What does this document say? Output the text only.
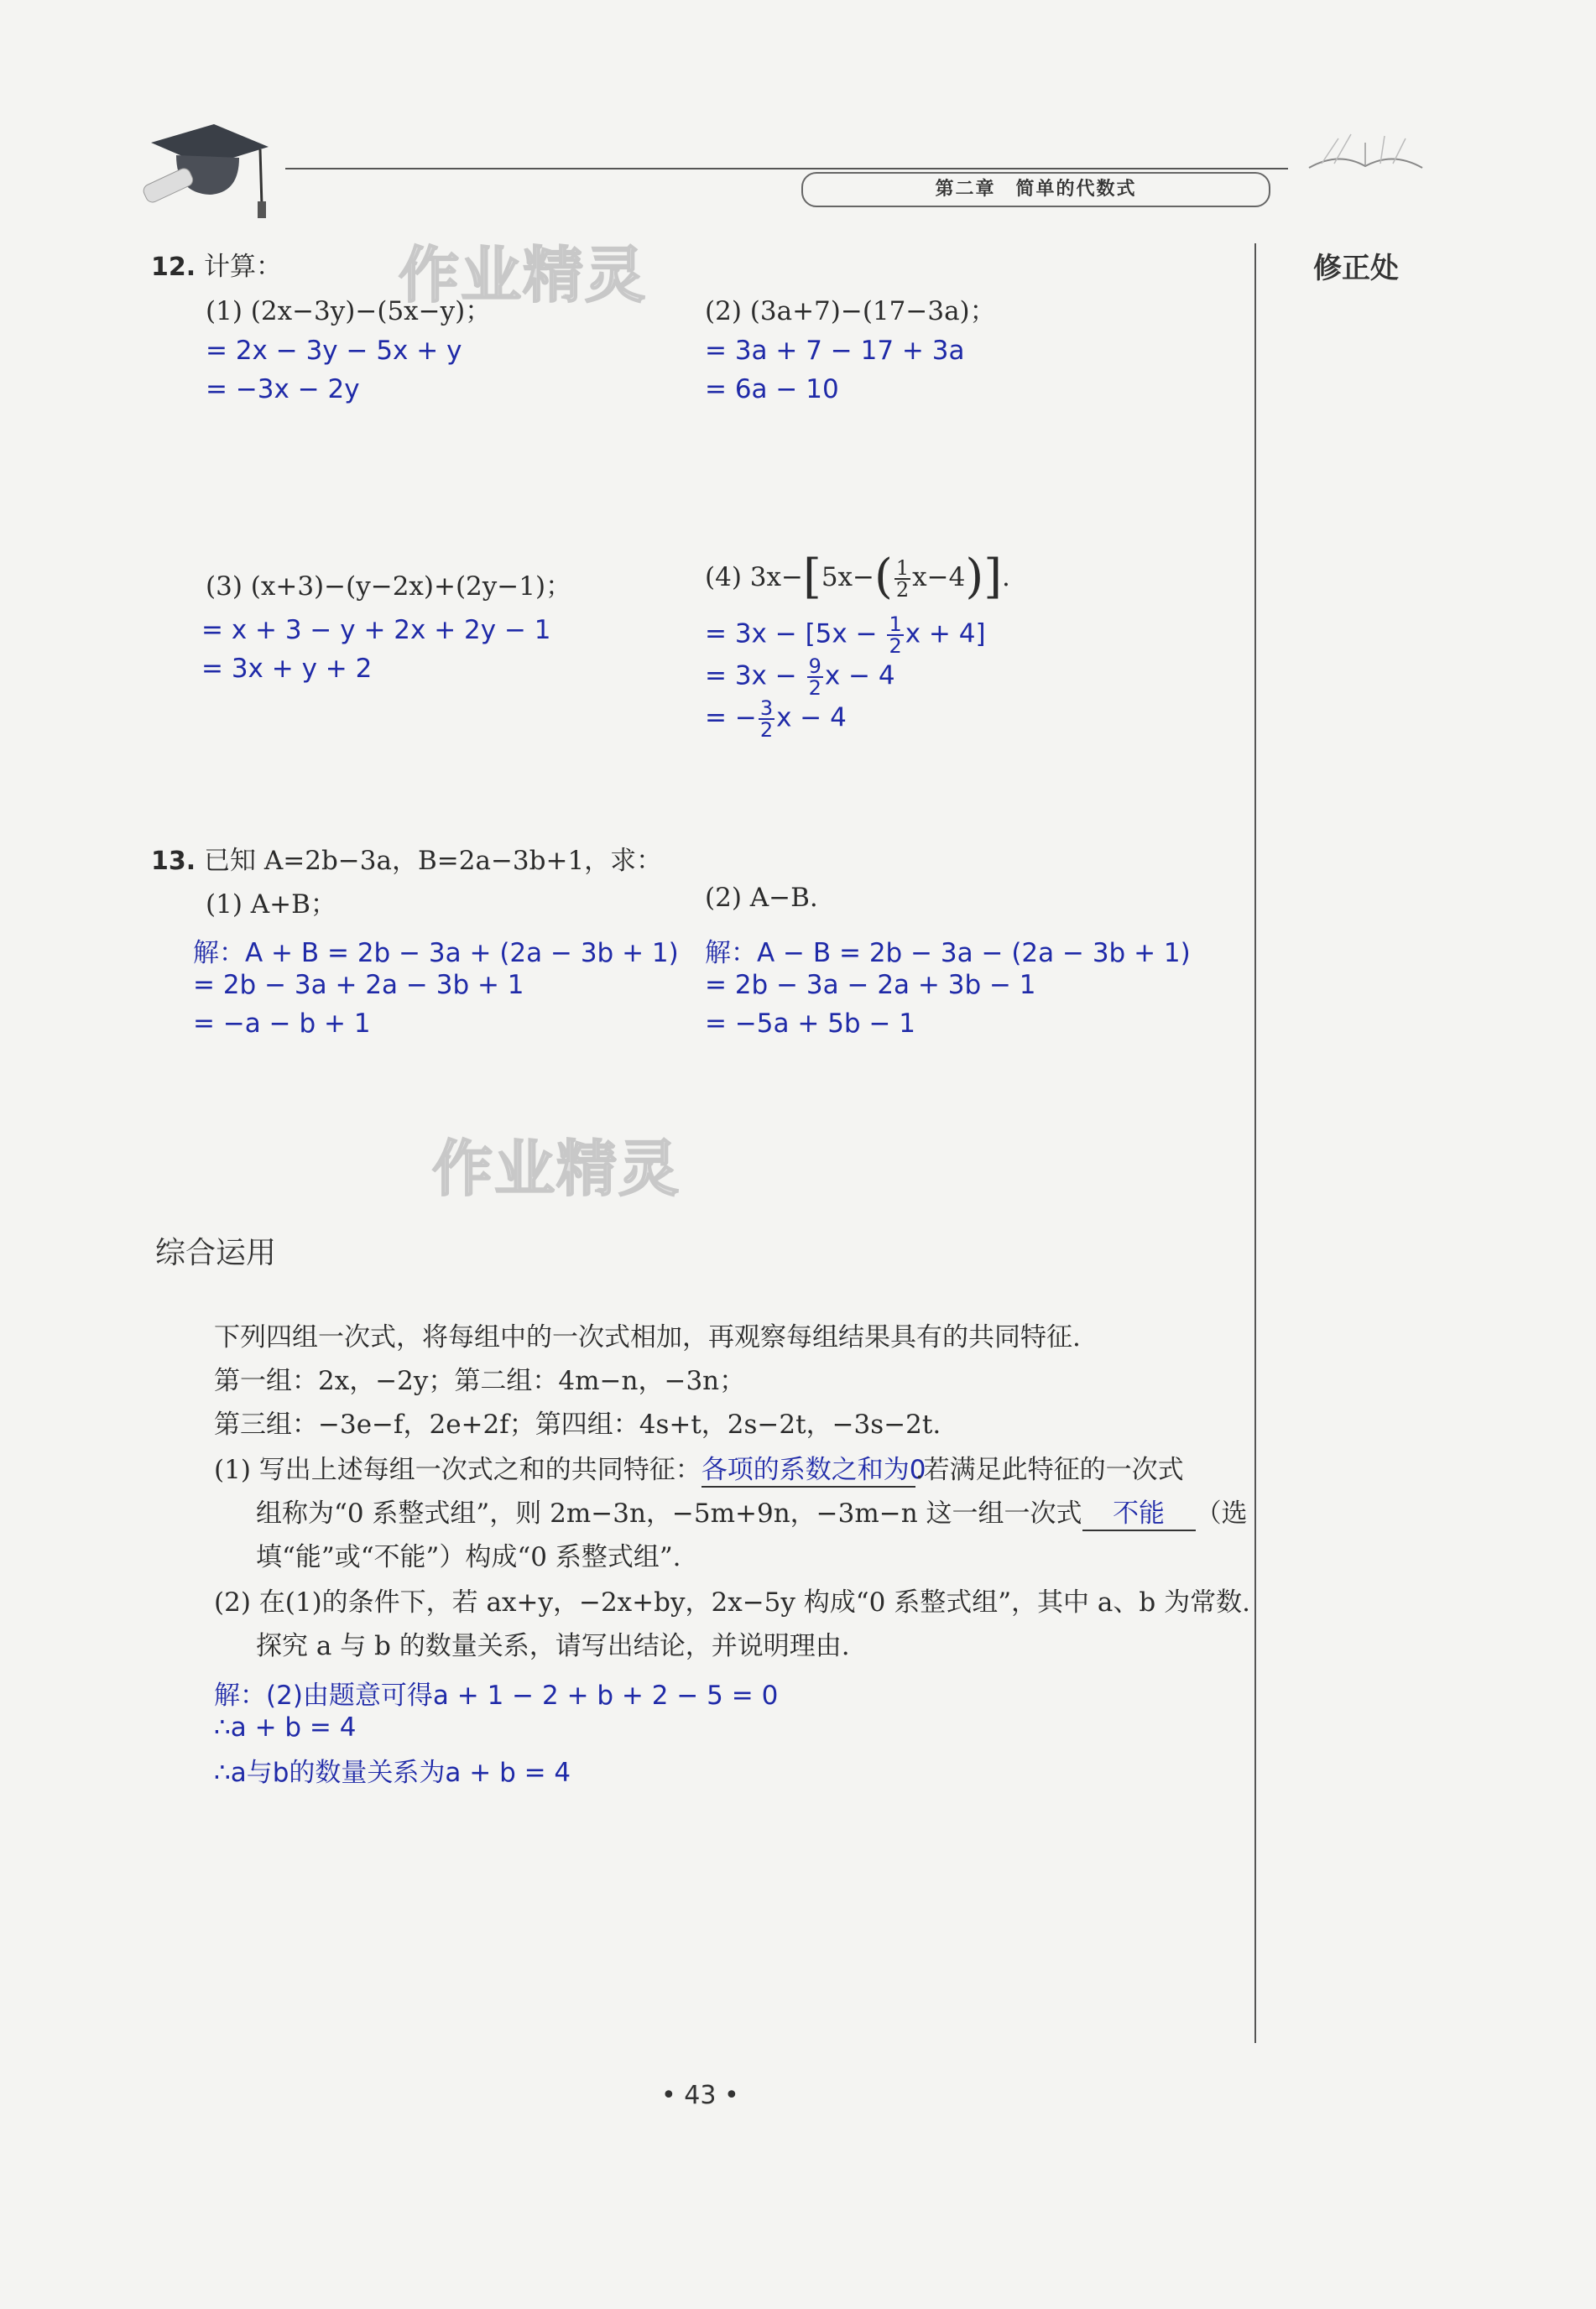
第二章　简单的代数式
修正处
作业精灵
作业精灵
12. 计算：
(1) (2x−3y)−(5x−y)；
= 2x − 3y − 5x + y
= −3x − 2y
(2) (3a+7)−(17−3a)；
= 3a + 7 − 17 + 3a
= 6a − 10
(3) (x+3)−(y−2x)+(2y−1)；
= x + 3 − y + 2x + 2y − 1
= 3x + y + 2
(4) $3x-[5x-( \frac{1}{2} x-4)]$.
= $3x - [5x - \frac{1}{2}$ x + 4]
= $3x - \frac{9}{2}$ x − 4
= − $\frac{3}{2}$ x − 4
13. 已知 A=2b−3a，B=2a−3b+1，求：
(1) A+B；
解：A + B = 2b − 3a + (2a − 3b + 1)
= 2b − 3a + 2a − 3b + 1
= −a − b + 1
(2) A−B.
解：A − B = 2b − 3a − (2a − 3b + 1)
= 2b − 3a − 2a + 3b − 1
= −5a + 5b − 1
综合运用
下列四组一次式，将每组中的一次式相加，再观察每组结果具有的共同特征.
第一组：2x，−2y；第二组：4m−n，−3n；
第三组：−3e−f，2e+2f；第四组：4s+t，2s−2t，−3s−2t.
(1) 写出上述每组一次式之和的共同特征：各项的系数之和为0.若满足此特征的一次式
组称为“0 系整式组”，则 2m−3n，−5m+9n，−3m−n 这一组一次式 不能 （选
填“能”或“不能”）构成“0 系整式组”.
(2) 在(1)的条件下，若 ax+y，−2x+by，2x−5y 构成“0 系整式组”，其中 a、b 为常数.
探究 a 与 b 的数量关系，请写出结论，并说明理由.
解：(2)由题意可得a + 1 − 2 + b + 2 − 5 = 0
∴a + b = 4
∴a与b的数量关系为a + b = 4
• 43 •
